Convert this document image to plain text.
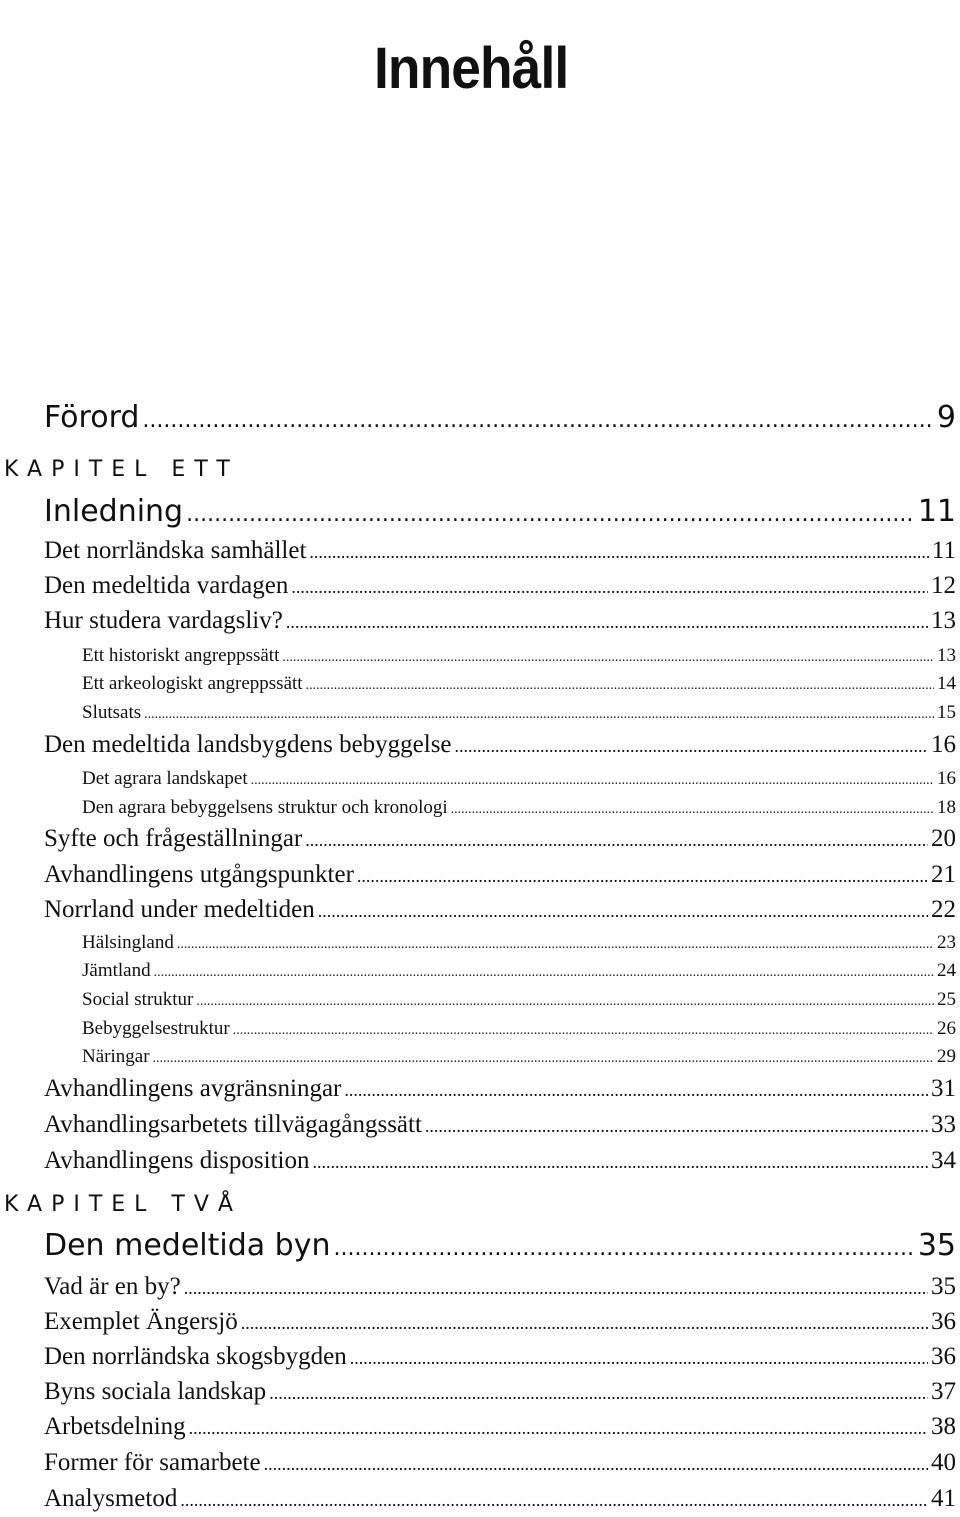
Innehåll
Förord .....	9
KAPITEL ETT
Inledning .....	11
Det norrländska samhället .....	11
Den medeltida vardagen .....	12
Hur studera vardagsliv? .....	13
Ett historiskt angreppssätt .....	13
Ett arkeologiskt angreppssätt .....	14
Slutsats .....	15
Den medeltida landsbygdens bebyggelse .....	16
Det agrara landskapet .....	16
Den agrara bebyggelsens struktur och kronologi .....	18
Syfte och frågeställningar .....	20
Avhandlingens utgångspunkter .....	21
Norrland under medeltiden .....	22
Hälsingland .....	23
Jämtland .....	24
Social struktur .....	25
Bebyggelsestruktur .....	26
Näringar .....	29
Avhandlingens avgränsningar .....	31
Avhandlingsarbetets tillvägagångssätt .....	33
Avhandlingens disposition .....	34
KAPITEL TVÅ
Den medeltida byn .....	35
Vad är en by? .....	35
Exemplet Ängersjö .....	36
Den norrländska skogsbygden .....	36
Byns sociala landskap .....	37
Arbetsdelning .....	38
Former för samarbete .....	40
Analysmetod .....	41
